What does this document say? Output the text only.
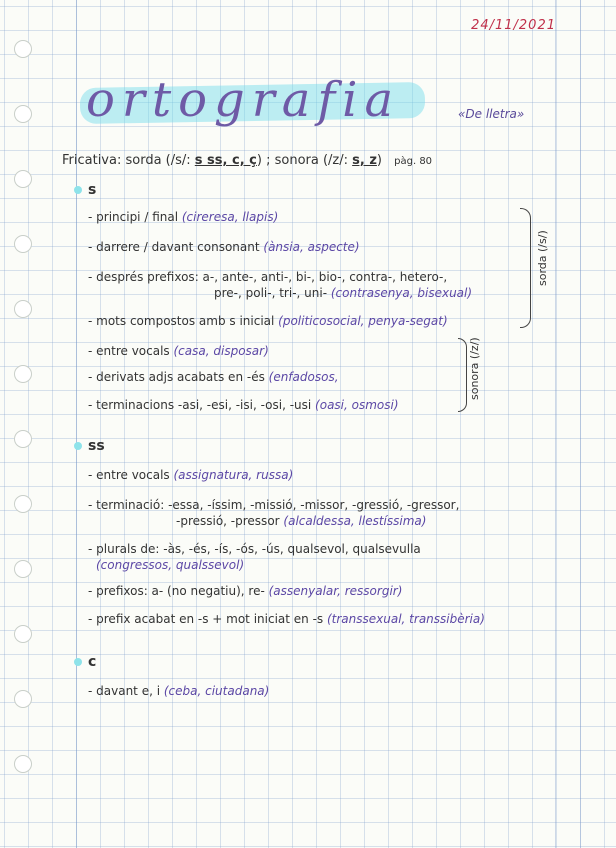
24/11/2021
ortografia	«De lletra»
Fricativa: sorda (/s/: s ss, c, ç) ; sonora (/z/: s, z) pàg. 80
s
- principi / final (cireresa, llapis)
- darrere / davant consonant (ànsia, aspecte)
- després prefixos: a-, ante-, anti-, bi-, bio-, contra-, hetero-,
pre-, poli-, tri-, uni- (contrasenya, bisexual)
- mots compostos amb s inicial (politicosocial, penya-segat)
- entre vocals (casa, disposar)
- derivats adjs acabats en -és (enfadosos,
- terminacions -asi, -esi, -isi, -osi, -usi (oasi, osmosi)
sorda (/s/)
sonora (/z/)
ss
- entre vocals (assignatura, russa)
- terminació: -essa, -íssim, -missió, -missor, -gressió, -gressor,
-pressió, -pressor (alcaldessa, llestíssima)
- plurals de: -às, -és, -ís, -ós, -ús, qualsevol, qualsevulla
(congressos, qualssevol)
- prefixos: a- (no negatiu), re- (assenyalar, ressorgir)
- prefix acabat en -s + mot iniciat en -s (transsexual, transsibèria)
c
- davant e, i (ceba, ciutadana)
